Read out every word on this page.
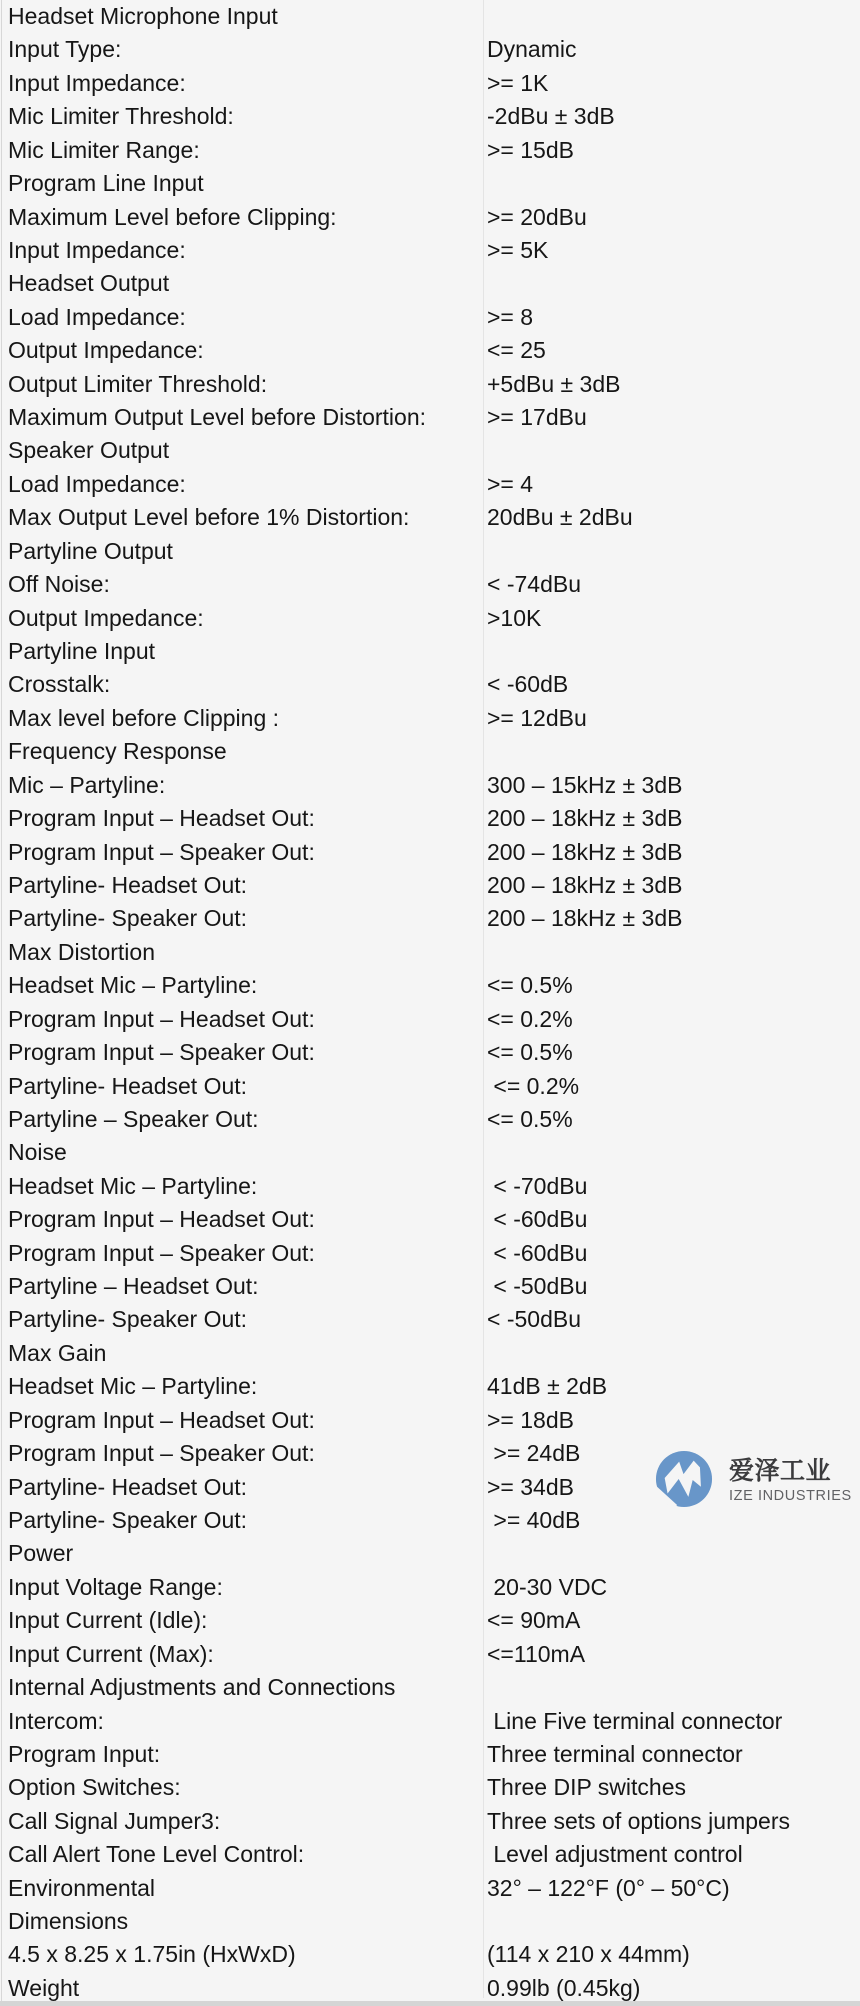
Headset Microphone Input
Input Type:	Dynamic
Input Impedance:	>= 1K
Mic Limiter Threshold:	-2dBu ± 3dB
Mic Limiter Range:	>= 15dB
Program Line Input
Maximum Level before Clipping:	>= 20dBu
Input Impedance:	>= 5K
Headset Output
Load Impedance:	>= 8
Output Impedance:	<= 25
Output Limiter Threshold:	+5dBu ± 3dB
Maximum Output Level before Distortion:	>= 17dBu
Speaker Output
Load Impedance:	>= 4
Max Output Level before 1% Distortion:	20dBu ± 2dBu
Partyline Output
Off Noise:	< -74dBu
Output Impedance:	>10K
Partyline Input
Crosstalk:	< -60dB
Max level before Clipping :	>= 12dBu
Frequency Response
Mic – Partyline:	300 – 15kHz ± 3dB
Program Input – Headset Out:	200 – 18kHz ± 3dB
Program Input – Speaker Out:	200 – 18kHz ± 3dB
Partyline- Headset Out:	200 – 18kHz ± 3dB
Partyline- Speaker Out:	200 – 18kHz ± 3dB
Max Distortion
Headset Mic – Partyline:	<= 0.5%
Program Input – Headset Out:	<= 0.2%
Program Input – Speaker Out:	<= 0.5%
Partyline- Headset Out:	<= 0.2%
Partyline – Speaker Out:	<= 0.5%
Noise
Headset Mic – Partyline:	< -70dBu
Program Input – Headset Out:	< -60dBu
Program Input – Speaker Out:	< -60dBu
Partyline – Headset Out:	< -50dBu
Partyline- Speaker Out:	< -50dBu
Max Gain
Headset Mic – Partyline:	41dB ± 2dB
Program Input – Headset Out:	>= 18dB
Program Input – Speaker Out:	>= 24dB
Partyline- Headset Out:	>= 34dB
Partyline- Speaker Out:	>= 40dB
Power
Input Voltage Range:	20-30 VDC
Input Current (Idle):	<= 90mA
Input Current (Max):	<=110mA
Internal Adjustments and Connections
Intercom:	Line Five terminal connector
Program Input:	Three terminal connector
Option Switches:	Three DIP switches
Call Signal Jumper3:	Three sets of options jumpers
Call Alert Tone Level Control:	Level adjustment control
Environmental	32° – 122°F (0° – 50°C)
Dimensions
4.5 x 8.25 x 1.75in (HxWxD)	(114 x 210 x 44mm)
Weight	0.99lb (0.45kg)
爱泽工业
IZE INDUSTRIES
